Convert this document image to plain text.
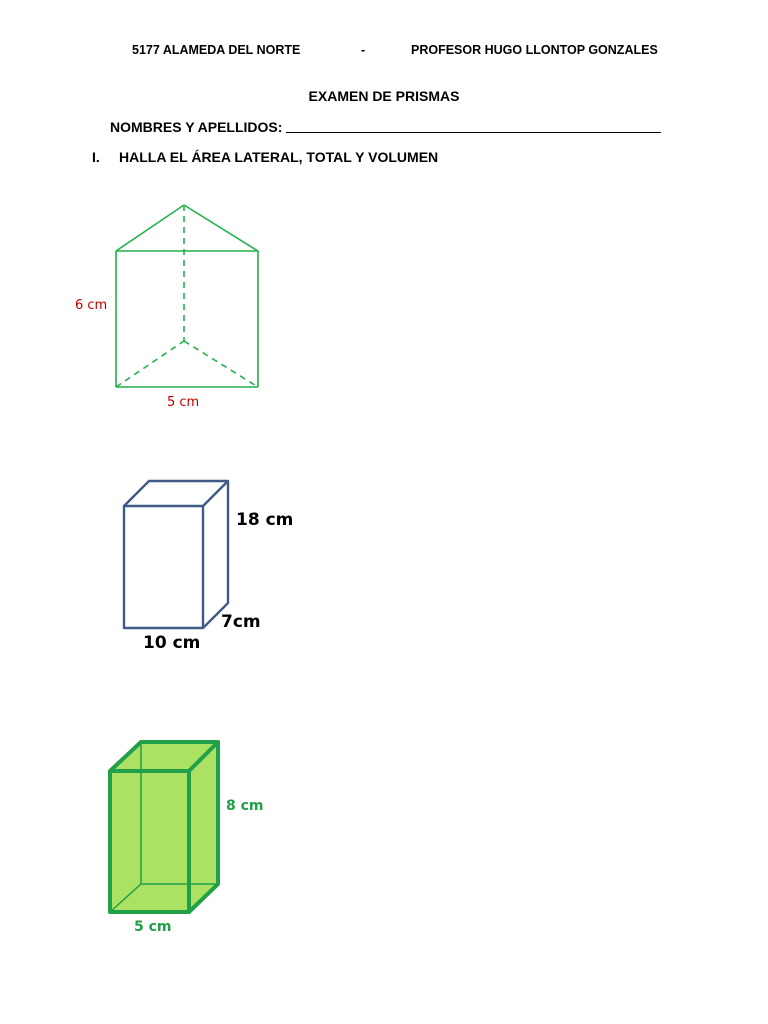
5177 ALAMEDA DEL NORTE	-	PROFESOR HUGO LLONTOP GONZALES
EXAMEN DE PRISMAS
NOMBRES Y APELLIDOS:
I. HALLA EL ÁREA LATERAL, TOTAL Y VOLUMEN
6 cm
5 cm
18 cm
7cm
10 cm
8 cm
5 cm
